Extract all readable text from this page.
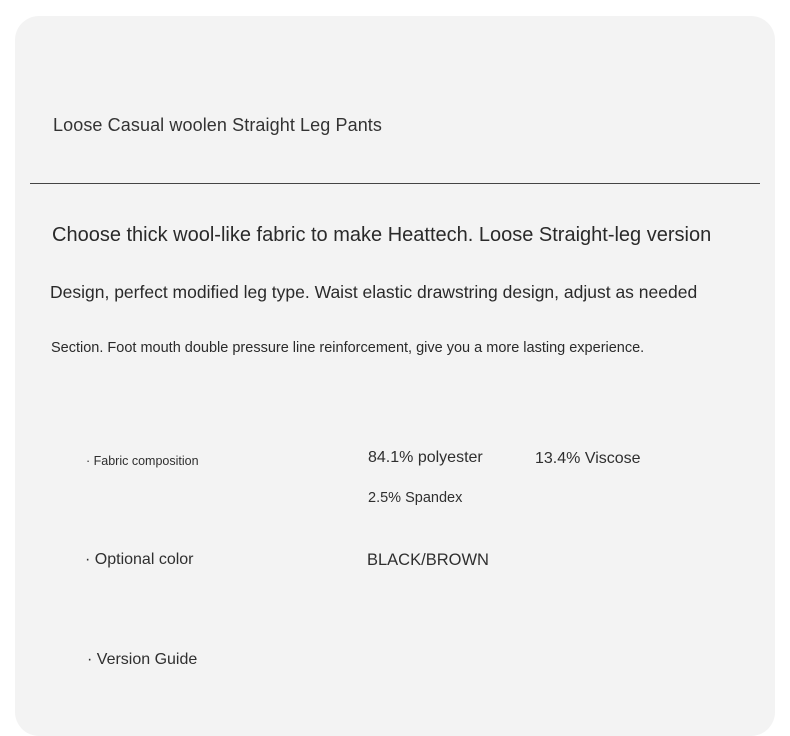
Loose Casual woolen Straight Leg Pants
Choose thick wool-like fabric to make Heattech. Loose Straight-leg version
Design, perfect modified leg type. Waist elastic drawstring design, adjust as needed
Section. Foot mouth double pressure line reinforcement, give you a more lasting experience.
· Fabric composition	84.1% polyester	13.4% Viscose
2.5% Spandex
· Optional color	BLACK/BROWN
· Version Guide
